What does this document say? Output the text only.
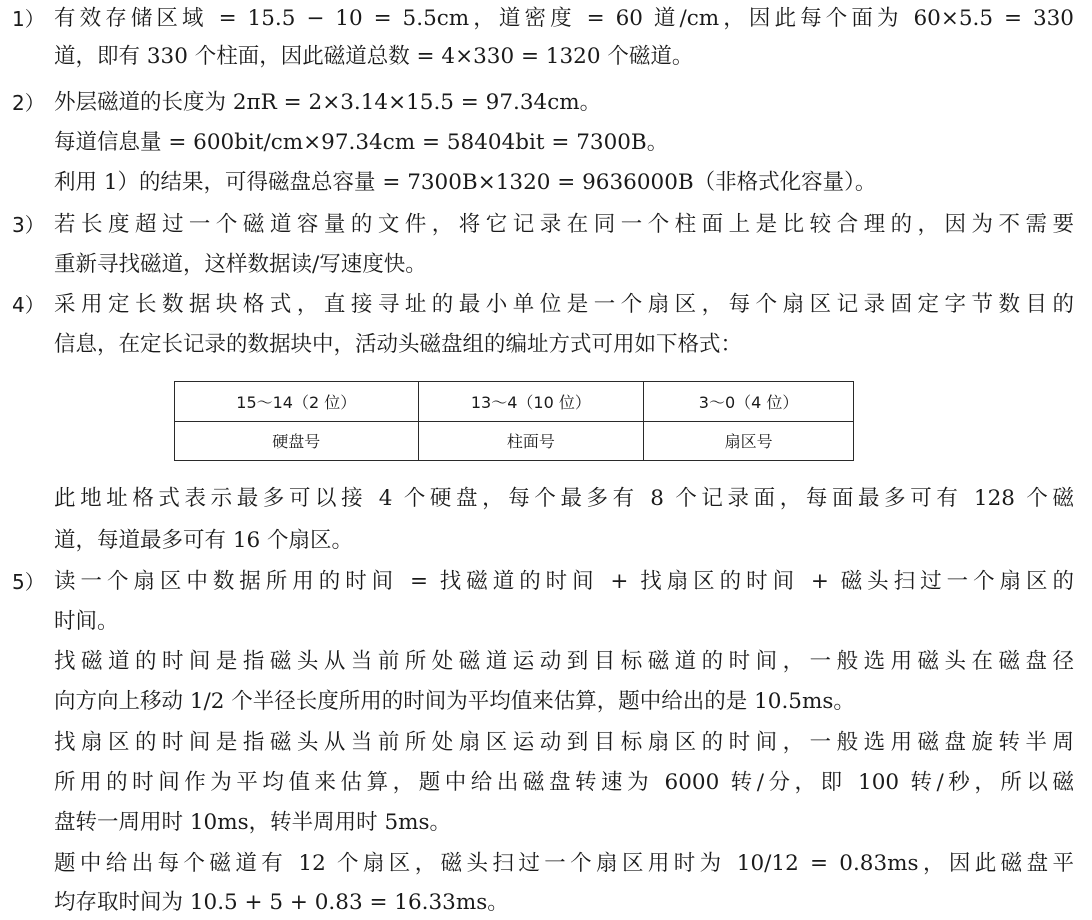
1） 有效存储区域 = 15.5 − 10 = 5.5cm，道密度 = 60 道/cm，因此每个面为 60×5.5 = 330
道，即有 330 个柱面，因此磁道总数 = 4×330 = 1320 个磁道。
2） 外层磁道的长度为 2πR = 2×3.14×15.5 = 97.34cm。
每道信息量 = 600bit/cm×97.34cm = 58404bit = 7300B。
利用 1）的结果，可得磁盘总容量 = 7300B×1320 = 9636000B（非格式化容量）。
3） 若长度超过一个磁道容量的文件，将它记录在同一个柱面上是比较合理的，因为不需要
重新寻找磁道，这样数据读/写速度快。
4） 采用定长数据块格式，直接寻址的最小单位是一个扇区，每个扇区记录固定字节数目的
信息，在定长记录的数据块中，活动头磁盘组的编址方式可用如下格式：
15～14（2 位）	13～4（10 位）	3～0（4 位）
硬盘号	柱面号	扇区号
此地址格式表示最多可以接 4 个硬盘，每个最多有 8 个记录面，每面最多可有 128 个磁
道，每道最多可有 16 个扇区。
5） 读一个扇区中数据所用的时间 = 找磁道的时间 + 找扇区的时间 + 磁头扫过一个扇区的
时间。
找磁道的时间是指磁头从当前所处磁道运动到目标磁道的时间，一般选用磁头在磁盘径
向方向上移动 1/2 个半径长度所用的时间为平均值来估算，题中给出的是 10.5ms。
找扇区的时间是指磁头从当前所处扇区运动到目标扇区的时间，一般选用磁盘旋转半周
所用的时间作为平均值来估算，题中给出磁盘转速为 6000 转/分，即 100 转/秒，所以磁
盘转一周用时 10ms，转半周用时 5ms。
题中给出每个磁道有 12 个扇区，磁头扫过一个扇区用时为 10/12 = 0.83ms，因此磁盘平
均存取时间为 10.5 + 5 + 0.83 = 16.33ms。
